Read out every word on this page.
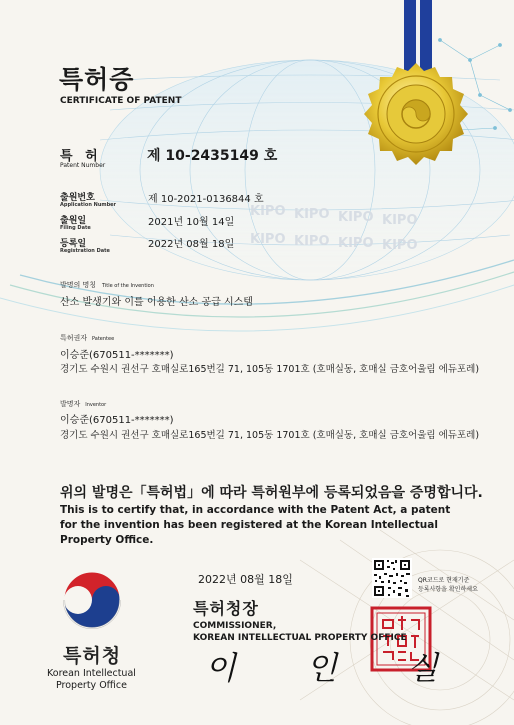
KIPO KIPO KIPO KIPO
KIPO KIPO KIPO KIPO
특허증
CERTIFICATE OF PATENT
특 허
Patent Number
제 10-2435149 호
출원번호
Application Number	제 10-2021-0136844 호
출원일
Filing Date	2021년 10월 14일
등록일
Registration Date
2022년 08월 18일
발명의 명칭 Title of the Invention
산소 발생기와 이를 이용한 산소 공급 시스템
특허권자 Patentee
이승준(670511-*******)
경기도 수원시 권선구 호매실로165번길 71, 105동 1701호 (호매실동, 호매실 금호어울림 에듀포레)
발명자 Inventor
이승준(670511-*******)
경기도 수원시 권선구 호매실로165번길 71, 105동 1701호 (호매실동, 호매실 금호어울림 에듀포레)
위의 발명은「특허법」에 따라 특허원부에 등록되었음을 증명합니다.
This is to certify that, in accordance with the Patent Act, a patent for the invention has been registered at the Korean Intellectual Property Office.
2022년 08월 18일
특허청장
COMMISSIONER,
KOREAN INTELLECTUAL PROPERTY OFFICE
이 인 실
QR코드로 현재기준
등록사항을 확인하세요
특허청
Korean Intellectual
Property Office
